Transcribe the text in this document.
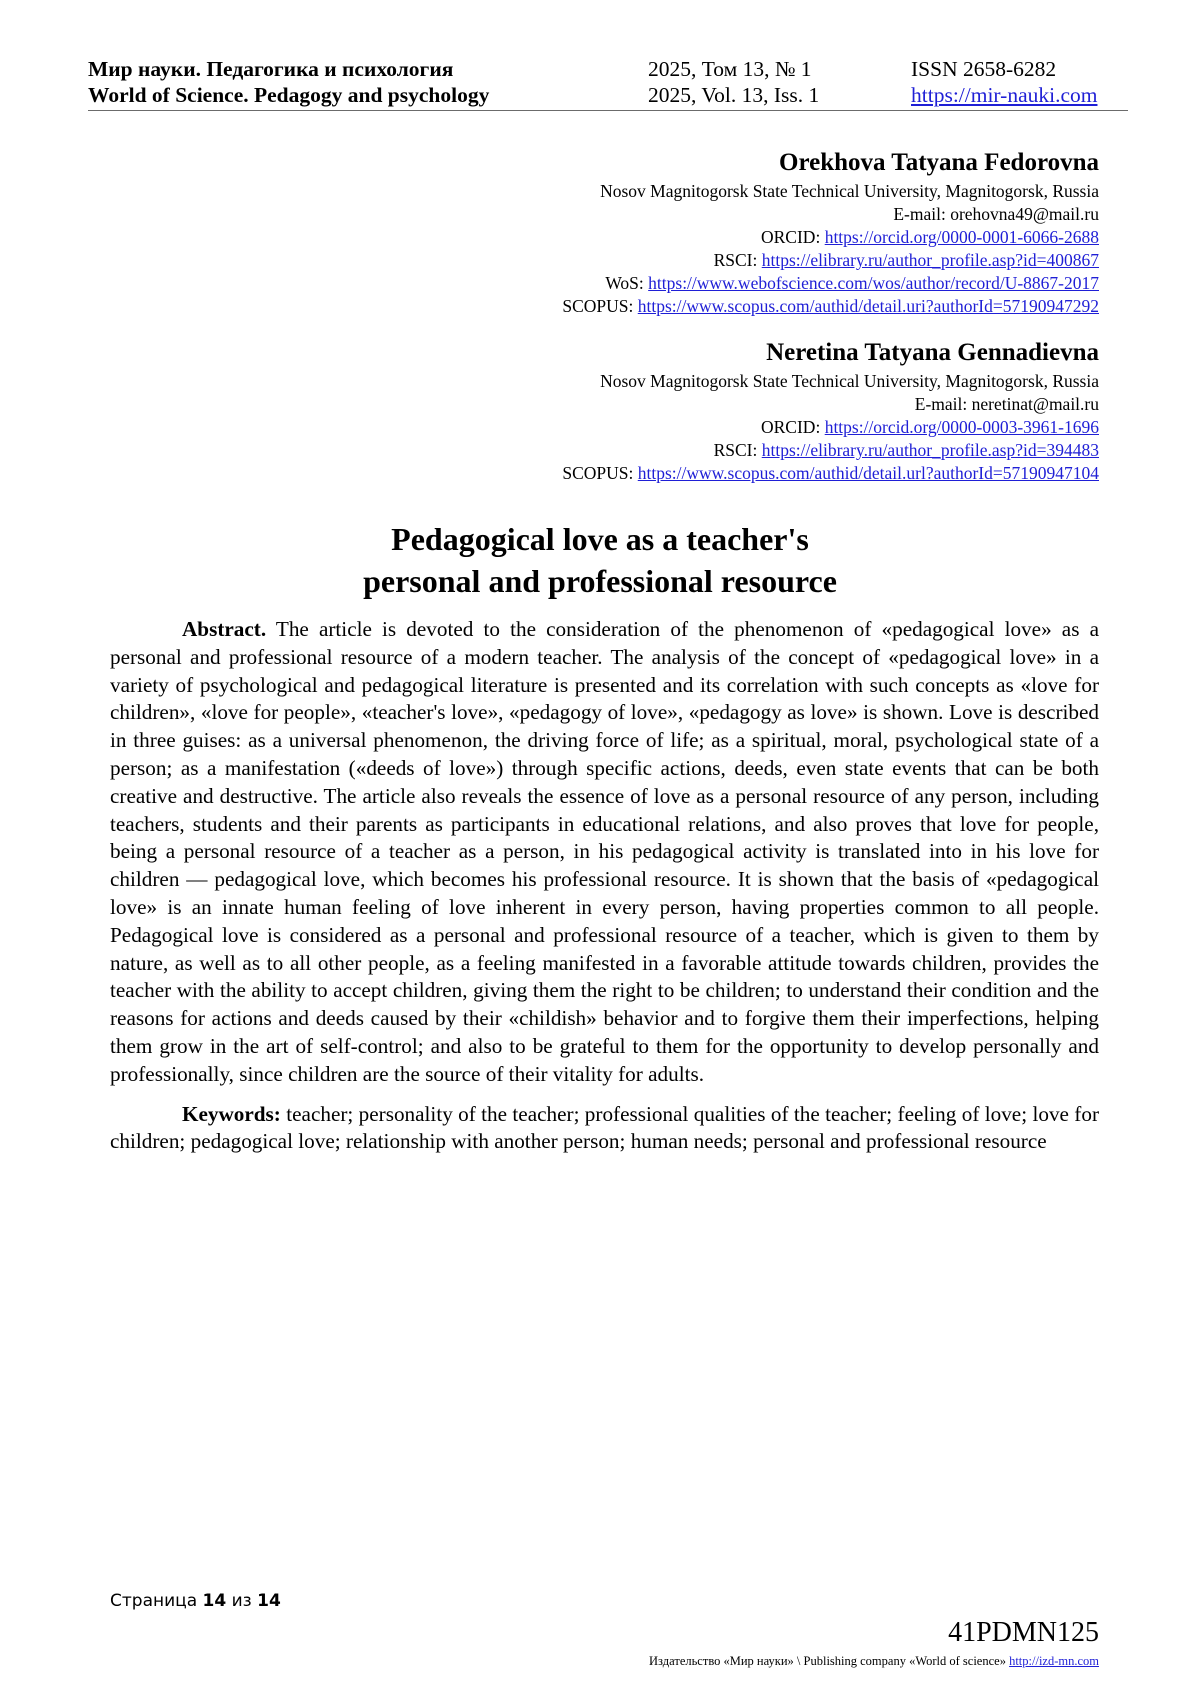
Мир науки. Педагогика и психология	2025, Том 13, № 1	ISSN 2658-6282
World of Science. Pedagogy and psychology	2025, Vol. 13, Iss. 1	https://mir-nauki.com
Orekhova Tatyana Fedorovna
Nosov Magnitogorsk State Technical University, Magnitogorsk, Russia
E-mail: orehovna49@mail.ru
ORCID: https://orcid.org/0000-0001-6066-2688
RSCI: https://elibrary.ru/author_profile.asp?id=400867
WoS: https://www.webofscience.com/wos/author/record/U-8867-2017
SCOPUS: https://www.scopus.com/authid/detail.uri?authorId=57190947292
Neretina Tatyana Gennadievna
Nosov Magnitogorsk State Technical University, Magnitogorsk, Russia
E-mail: neretinat@mail.ru
ORCID: https://orcid.org/0000-0003-3961-1696
RSCI: https://elibrary.ru/author_profile.asp?id=394483
SCOPUS: https://www.scopus.com/authid/detail.url?authorId=57190947104
Pedagogical love as a teacher's
personal and professional resource

Abstract. The article is devoted to the consideration of the phenomenon of «pedagogical love» as a personal and professional resource of a modern teacher. The analysis of the concept of «pedagogical love» in a variety of psychological and pedagogical literature is presented and its correlation with such concepts as «love for children», «love for people», «teacher's love», «pedagogy of love», «pedagogy as love» is shown. Love is described in three guises: as a universal phenomenon, the driving force of life; as a spiritual, moral, psychological state of a person; as a manifestation («deeds of love») through specific actions, deeds, even state events that can be both creative and destructive. The article also reveals the essence of love as a personal resource of any person, including teachers, students and their parents as participants in educational relations, and also proves that love for people, being a personal resource of a teacher as a person, in his pedagogical activity is translated into in his love for children — pedagogical love, which becomes his professional resource. It is shown that the basis of «pedagogical love» is an innate human feeling of love inherent in every person, having properties common to all people. Pedagogical love is considered as a personal and professional resource of a teacher, which is given to them by nature, as well as to all other people, as a feeling manifested in a favorable attitude towards children, provides the teacher with the ability to accept children, giving them the right to be children; to understand their condition and the reasons for actions and deeds caused by their «childish» behavior and to forgive them their imperfections, helping them grow in the art of self-control; and also to be grateful to them for the opportunity to develop personally and professionally, since children are the source of their vitality for adults.

Keywords: teacher; personality of the teacher; professional qualities of the teacher; feeling of love; love for children; pedagogical love; relationship with another person; human needs; personal and professional resource

Страница 14 из 14
41PDMN125
Издательство «Мир науки» \ Publishing company «World of science» http://izd-mn.com
